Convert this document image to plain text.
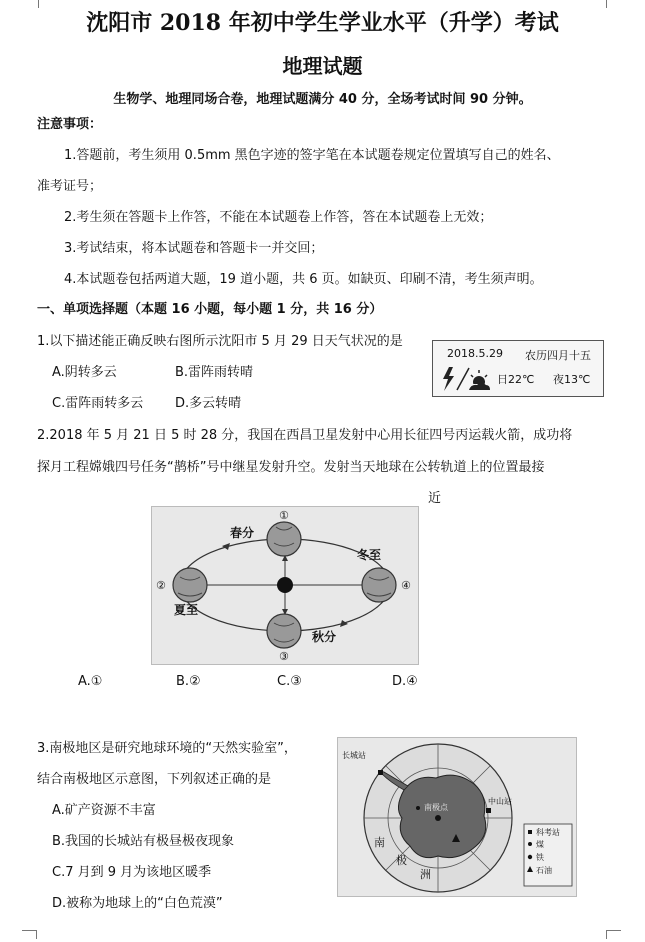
沈阳市 2018 年初中学生学业水平（升学）考试
地理试题
生物学、地理同场合卷，地理试题满分 40 分，全场考试时间 90 分钟。
注意事项：
1.答题前，考生须用 0.5mm 黑色字迹的签字笔在本试题卷规定位置填写自己的姓名、
准考证号；
2.考生须在答题卡上作答，不能在本试题卷上作答，答在本试题卷上无效；
3.考试结束，将本试题卷和答题卡一并交回；
4.本试题卷包括两道大题，19 道小题，共 6 页。如缺页、印刷不清，考生须声明。
一、单项选择题（本题 16 小题，每小题 1 分，共 16 分）
1.以下描述能正确反映右图所示沈阳市 5 月 29 日天气状况的是
A.阴转多云	B.雷阵雨转晴
C.雷阵雨转多云 D.多云转晴
2018.5.29 农历四月十五
日22℃ 夜13℃
2.2018 年 5 月 21 日 5 时 28 分，我国在西昌卫星发射中心用长征四号丙运载火箭，成功将
探月工程嫦娥四号任务“鹊桥”号中继星发射升空。发射当天地球在公转轨道上的位置最接
近
春分
夏至
秋分
冬至
①
②
③
④
A.①	B.②	C.③	D.④
3.南极地区是研究地球环境的“天然实验室”，
结合南极地区示意图，下列叙述正确的是
A.矿产资源不丰富
B.我国的长城站有极昼极夜现象
C.7 月到 9 月为该地区暖季
D.被称为地球上的“白色荒漠”
长城站
中山站
南极点
南
极
洲
科考站
煤
铁
石油
